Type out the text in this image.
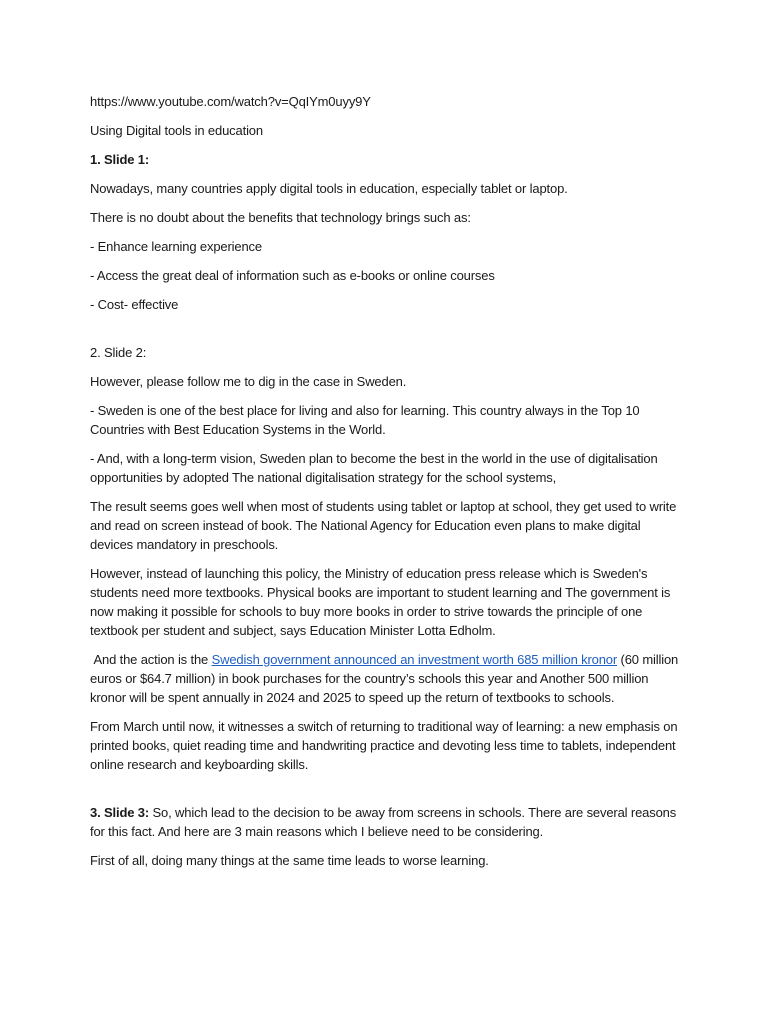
https://www.youtube.com/watch?v=QqIYm0uyy9Y

Using Digital tools in education

1. Slide 1:

Nowadays, many countries apply digital tools in education, especially tablet or laptop.

There is no doubt about the benefits that technology brings such as:

- Enhance learning experience

- Access the great deal of information such as e-books or online courses

- Cost- effective

2. Slide 2:

However, please follow me to dig in the case in Sweden.

- Sweden is one of the best place for living and also for learning. This country always in the Top 10 Countries with Best Education Systems in the World.

- And, with a long-term vision, Sweden plan to become the best in the world in the use of digitalisation opportunities by adopted The national digitalisation strategy for the school systems,

The result seems goes well when most of students using tablet or laptop at school, they get used to write and read on screen instead of book. The National Agency for Education even plans to make digital devices mandatory in preschools.

However, instead of launching this policy, the Ministry of education press release which is Sweden's students need more textbooks. Physical books are important to student learning and The government is now making it possible for schools to buy more books in order to strive towards the principle of one textbook per student and subject, says Education Minister Lotta Edholm.

And the action is the Swedish government announced an investment worth 685 million kronor (60 million euros or $64.7 million) in book purchases for the country’s schools this year and Another 500 million kronor will be spent annually in 2024 and 2025 to speed up the return of textbooks to schools.

From March until now, it witnesses a switch of returning to traditional way of learning: a new emphasis on printed books, quiet reading time and handwriting practice and devoting less time to tablets, independent online research and keyboarding skills.

3. Slide 3: So, which lead to the decision to be away from screens in schools. There are several reasons for this fact. And here are 3 main reasons which I believe need to be considering.

First of all, doing many things at the same time leads to worse learning.
